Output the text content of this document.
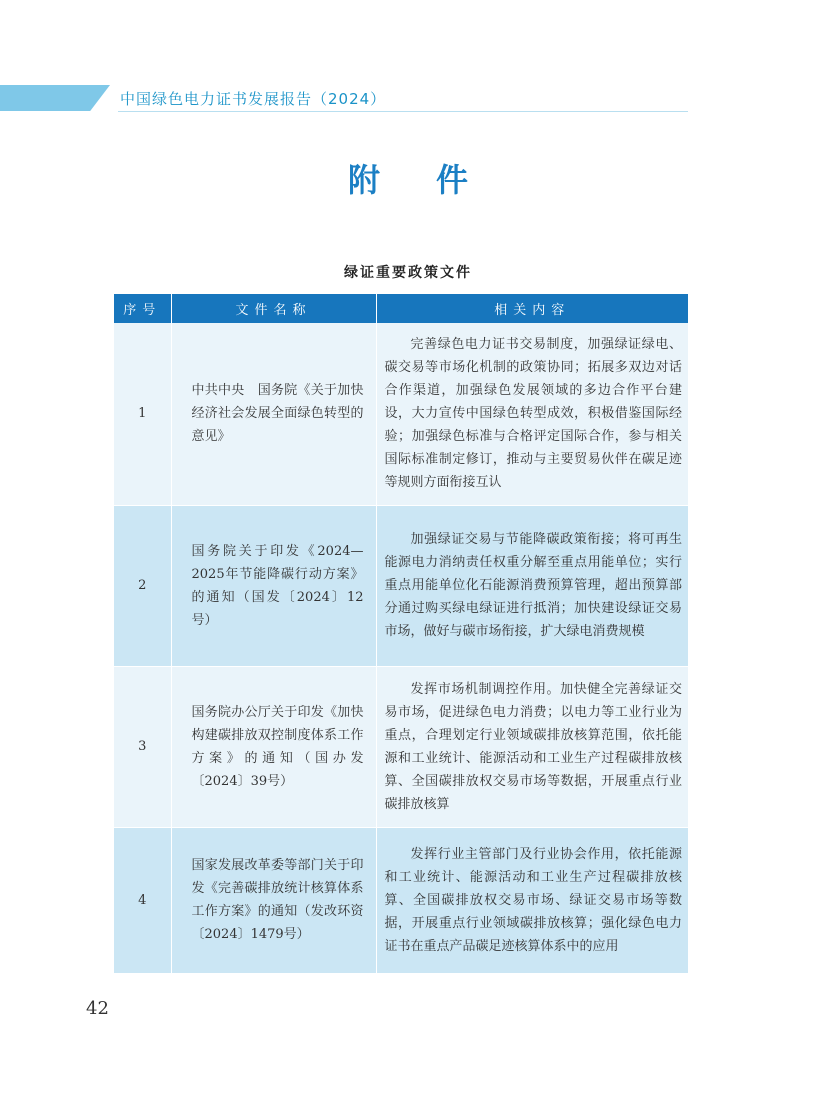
中国绿色电力证书发展报告（2024）
附件
绿证重要政策文件
序号	文件名称	相关内容
1	中共中央　国务院《关于加快经济社会发展全面绿色转型的意见》	完善绿色电力证书交易制度，加强绿证绿电、碳交易等市场化机制的政策协同；拓展多双边对话合作渠道，加强绿色发展领域的多边合作平台建设，大力宣传中国绿色转型成效，积极借鉴国际经验；加强绿色标准与合格评定国际合作，参与相关国际标准制定修订，推动与主要贸易伙伴在碳足迹等规则方面衔接互认
2	国务院关于印发《2024—2025年节能降碳行动方案》的通知（国发〔2024〕12号）	加强绿证交易与节能降碳政策衔接；将可再生能源电力消纳责任权重分解至重点用能单位；实行重点用能单位化石能源消费预算管理，超出预算部分通过购买绿电绿证进行抵消；加快建设绿证交易市场，做好与碳市场衔接，扩大绿电消费规模
3	国务院办公厅关于印发《加快构建碳排放双控制度体系工作方案》的通知（国办发〔2024〕39号）	发挥市场机制调控作用。加快健全完善绿证交易市场，促进绿色电力消费；以电力等工业行业为重点，合理划定行业领域碳排放核算范围，依托能源和工业统计、能源活动和工业生产过程碳排放核算、全国碳排放权交易市场等数据，开展重点行业碳排放核算
4	国家发展改革委等部门关于印发《完善碳排放统计核算体系工作方案》的通知（发改环资〔2024〕1479号）	发挥行业主管部门及行业协会作用，依托能源和工业统计、能源活动和工业生产过程碳排放核算、全国碳排放权交易市场、绿证交易市场等数据，开展重点行业领域碳排放核算；强化绿色电力证书在重点产品碳足迹核算体系中的应用
42
